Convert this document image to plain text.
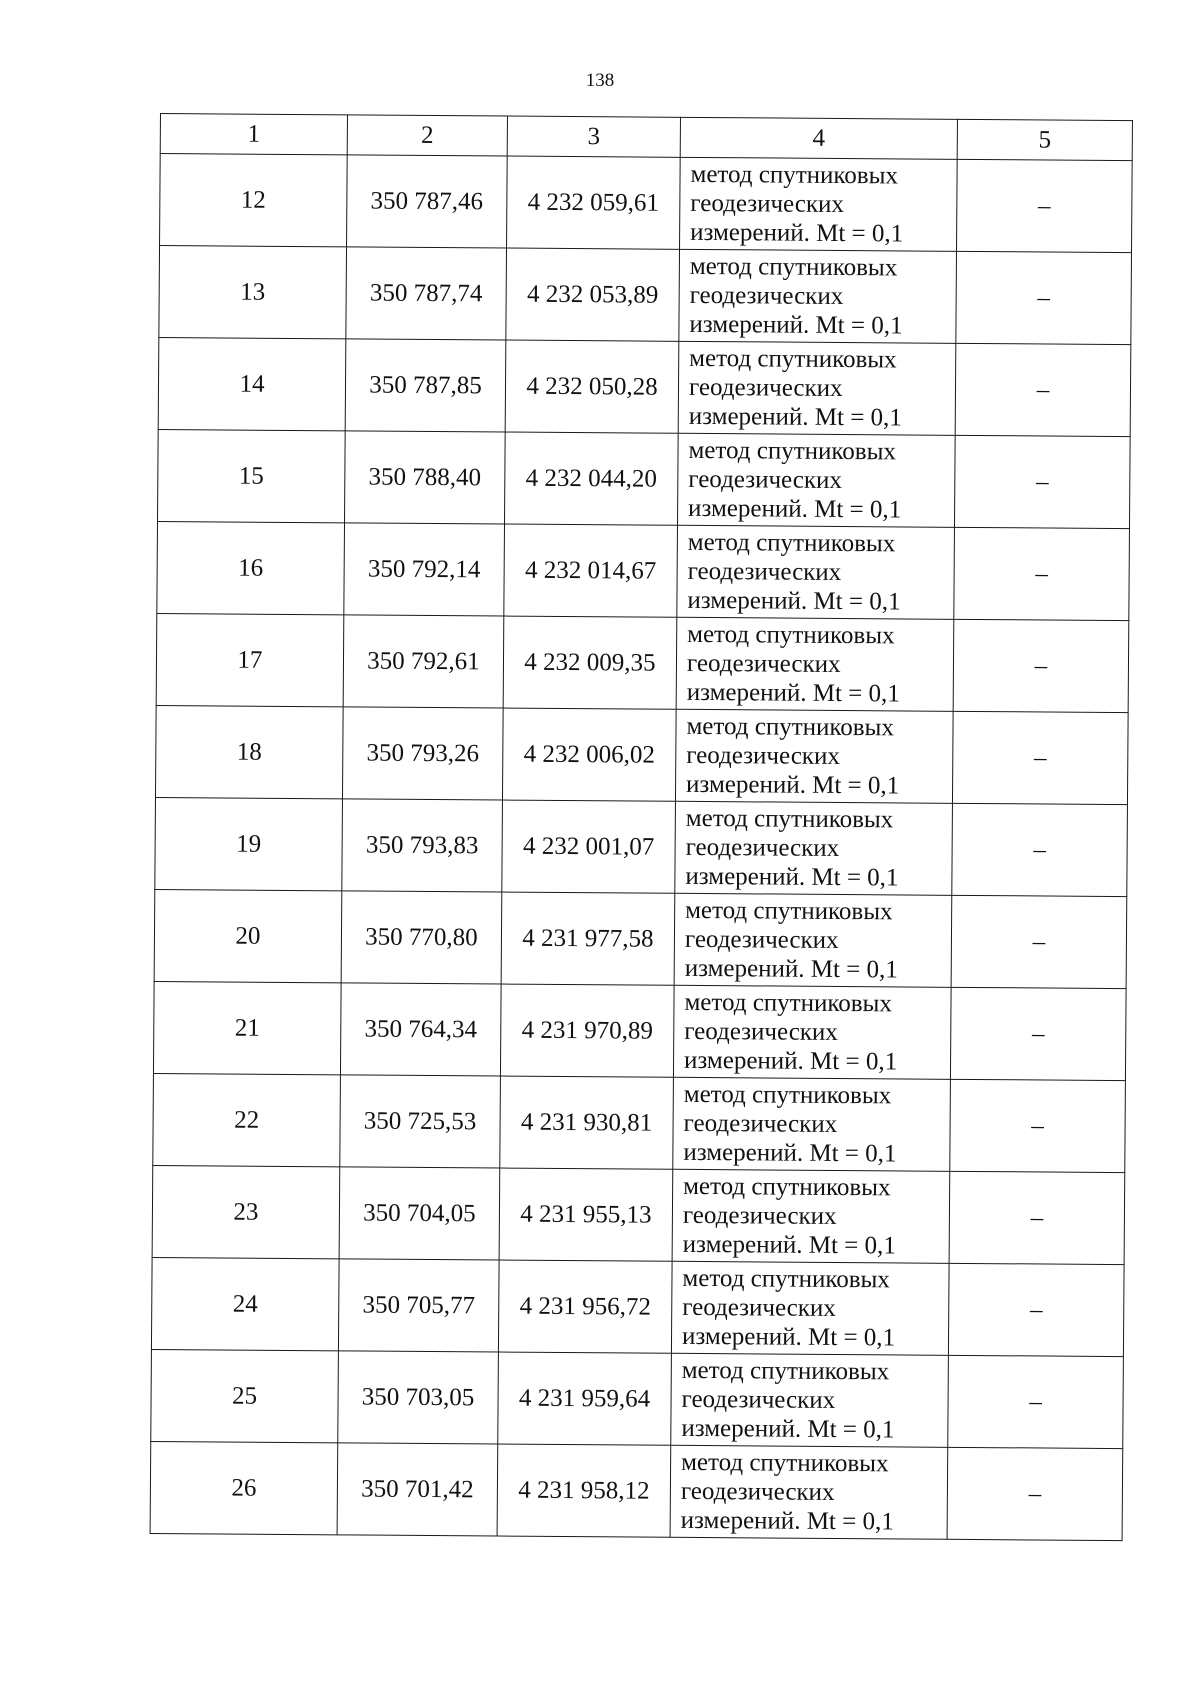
138
1	2	3	4	5
12	350 787,46	4 232 059,61	метод спутниковых
геодезических
измерений. Mt = 0,1	–
13	350 787,74	4 232 053,89	метод спутниковых
геодезических
измерений. Mt = 0,1	–
14	350 787,85	4 232 050,28	метод спутниковых
геодезических
измерений. Mt = 0,1	–
15	350 788,40	4 232 044,20	метод спутниковых
геодезических
измерений. Mt = 0,1	–
16	350 792,14	4 232 014,67	метод спутниковых
геодезических
измерений. Mt = 0,1	–
17	350 792,61	4 232 009,35	метод спутниковых
геодезических
измерений. Mt = 0,1	–
18	350 793,26	4 232 006,02	метод спутниковых
геодезических
измерений. Mt = 0,1	–
19	350 793,83	4 232 001,07	метод спутниковых
геодезических
измерений. Mt = 0,1	–
20	350 770,80	4 231 977,58	метод спутниковых
геодезических
измерений. Mt = 0,1	–
21	350 764,34	4 231 970,89	метод спутниковых
геодезических
измерений. Mt = 0,1	–
22	350 725,53	4 231 930,81	метод спутниковых
геодезических
измерений. Mt = 0,1	–
23	350 704,05	4 231 955,13	метод спутниковых
геодезических
измерений. Mt = 0,1	–
24	350 705,77	4 231 956,72	метод спутниковых
геодезических
измерений. Mt = 0,1	–
25	350 703,05	4 231 959,64	метод спутниковых
геодезических
измерений. Mt = 0,1	–
26	350 701,42	4 231 958,12	метод спутниковых
геодезических
измерений. Mt = 0,1	–
